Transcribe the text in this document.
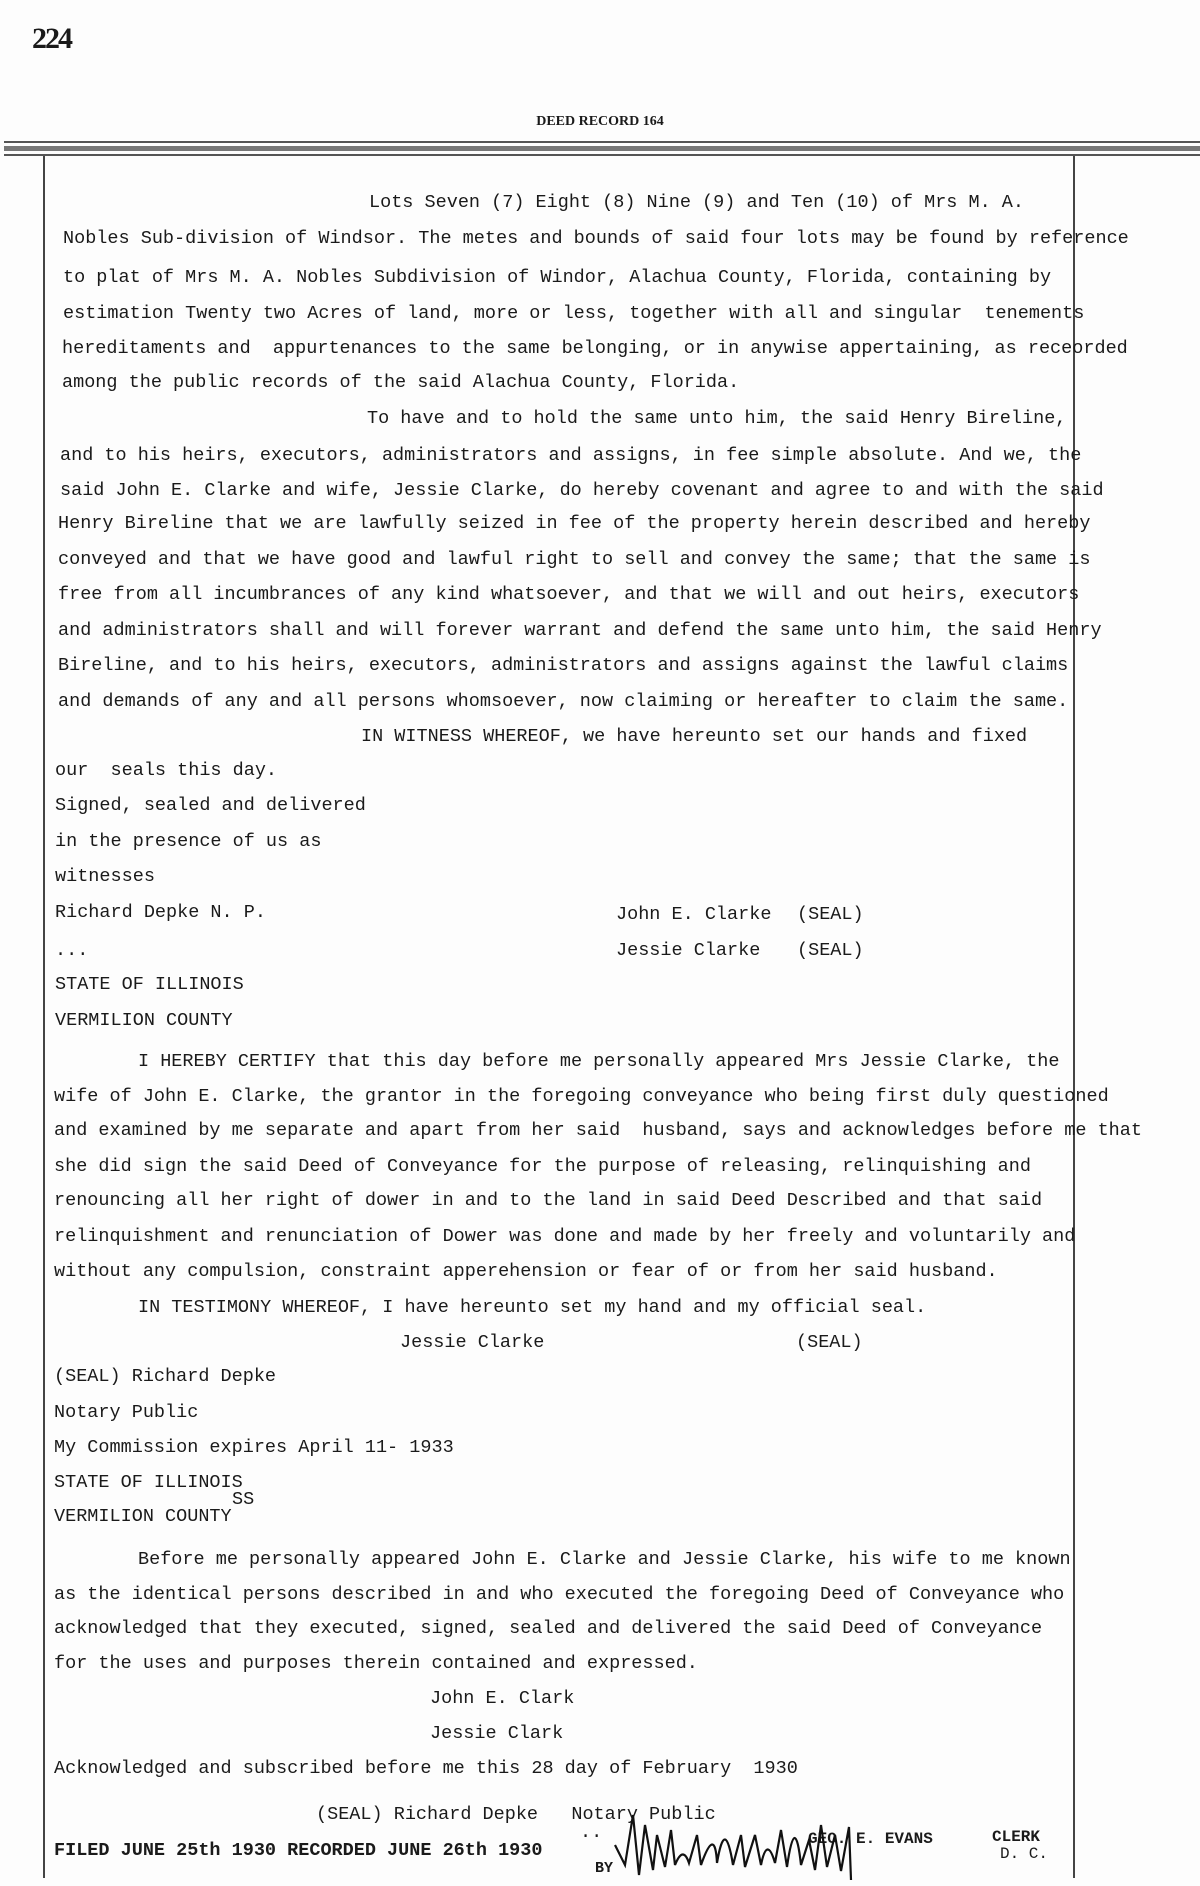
224
DEED RECORD 164
Lots Seven (7) Eight (8) Nine (9) and Ten (10) of Mrs M. A.
Nobles Sub-division of Windsor. The metes and bounds of said four lots may be found by reference
to plat of Mrs M. A. Nobles Subdivision of Windor, Alachua County, Florida, containing by
estimation Twenty two Acres of land, more or less, together with all and singular  tenements
hereditaments and  appurtenances to the same belonging, or in anywise appertaining, as receorded
among the public records of the said Alachua County, Florida.
To have and to hold the same unto him, the said Henry Bireline,
and to his heirs, executors, administrators and assigns, in fee simple absolute. And we, the
said John E. Clarke and wife, Jessie Clarke, do hereby covenant and agree to and with the said
Henry Bireline that we are lawfully seized in fee of the property herein described and hereby
conveyed and that we have good and lawful right to sell and convey the same; that the same is
free from all incumbrances of any kind whatsoever, and that we will and out heirs, executors
and administrators shall and will forever warrant and defend the same unto him, the said Henry
Bireline, and to his heirs, executors, administrators and assigns against the lawful claims
and demands of any and all persons whomsoever, now claiming or hereafter to claim the same.
IN WITNESS WHEREOF, we have hereunto set our hands and fixed
our  seals this day.
Signed, sealed and delivered
in the presence of us as
witnesses
Richard Depke N. P.	John E. Clarke (SEAL)
...	Jessie Clarke (SEAL)
STATE OF ILLINOIS
VERMILION COUNTY
I HEREBY CERTIFY that this day before me personally appeared Mrs Jessie Clarke, the
wife of John E. Clarke, the grantor in the foregoing conveyance who being first duly questioned
and examined by me separate and apart from her said  husband, says and acknowledges before me that
she did sign the said Deed of Conveyance for the purpose of releasing, relinquishing and
renouncing all her right of dower in and to the land in said Deed Described and that said
relinquishment and renunciation of Dower was done and made by her freely and voluntarily and
without any compulsion, constraint apperehension or fear of or from her said husband.
IN TESTIMONY WHEREOF, I have hereunto set my hand and my official seal.
Jessie Clarke	(SEAL)
(SEAL) Richard Depke
Notary Public
My Commission expires April 11- 1933
STATE OF ILLINOIS
SS
VERMILION COUNTY
Before me personally appeared John E. Clarke and Jessie Clarke, his wife to me known
as the identical persons described in and who executed the foregoing Deed of Conveyance who
acknowledged that they executed, signed, sealed and delivered the said Deed of Conveyance
for the uses and purposes therein contained and expressed.
John E. Clark
Jessie Clark
Acknowledged and subscribed before me this 28 day of February  1930
(SEAL) Richard Depke   Notary Public
FILED JUNE 25th 1930 RECORDED JUNE 26th 1930
..
BY
GEO. E. EVANS	CLERK
D. C.
